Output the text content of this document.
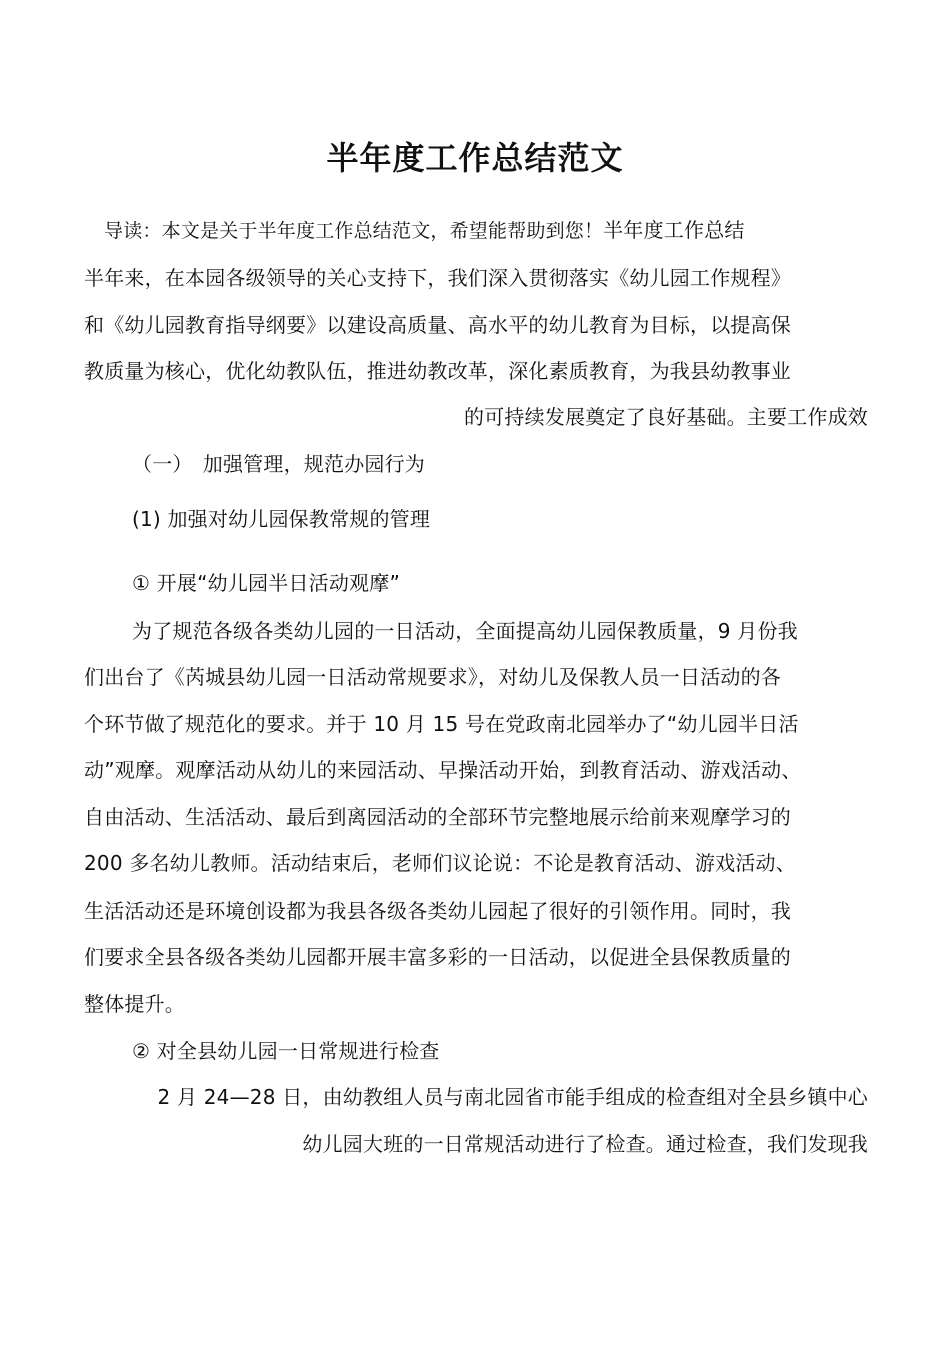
半年度工作总结范文
导读：本文是关于半年度工作总结范文，希望能帮助到您！半年度工作总结
半年来，在本园各级领导的关心支持下，我们深入贯彻落实《幼儿园工作规程》
和《幼儿园教育指导纲要》以建设高质量、高水平的幼儿教育为目标，以提高保
教质量为核心，优化幼教队伍，推进幼教改革，深化素质教育，为我县幼教事业
的可持续发展奠定了良好基础。主要工作成效
（一）　加强管理，规范办园行为
(1) 加强对幼儿园保教常规的管理
① 开展“幼儿园半日活动观摩”
为了规范各级各类幼儿园的一日活动，全面提高幼儿园保教质量，9 月份我
们出台了《芮城县幼儿园一日活动常规要求》，对幼儿及保教人员一日活动的各
个环节做了规范化的要求。并于 10 月 15 号在党政南北园举办了“幼儿园半日活
动”观摩。观摩活动从幼儿的来园活动、早操活动开始，到教育活动、游戏活动、
自由活动、生活活动、最后到离园活动的全部环节完整地展示给前来观摩学习的
200 多名幼儿教师。活动结束后，老师们议论说：不论是教育活动、游戏活动、
生活活动还是环境创设都为我县各级各类幼儿园起了很好的引领作用。同时，我
们要求全县各级各类幼儿园都开展丰富多彩的一日活动，以促进全县保教质量的
整体提升。
② 对全县幼儿园一日常规进行检查
2 月 24—28 日，由幼教组人员与南北园省市能手组成的检查组对全县乡镇中心
幼儿园大班的一日常规活动进行了检查。通过检查，我们发现我
